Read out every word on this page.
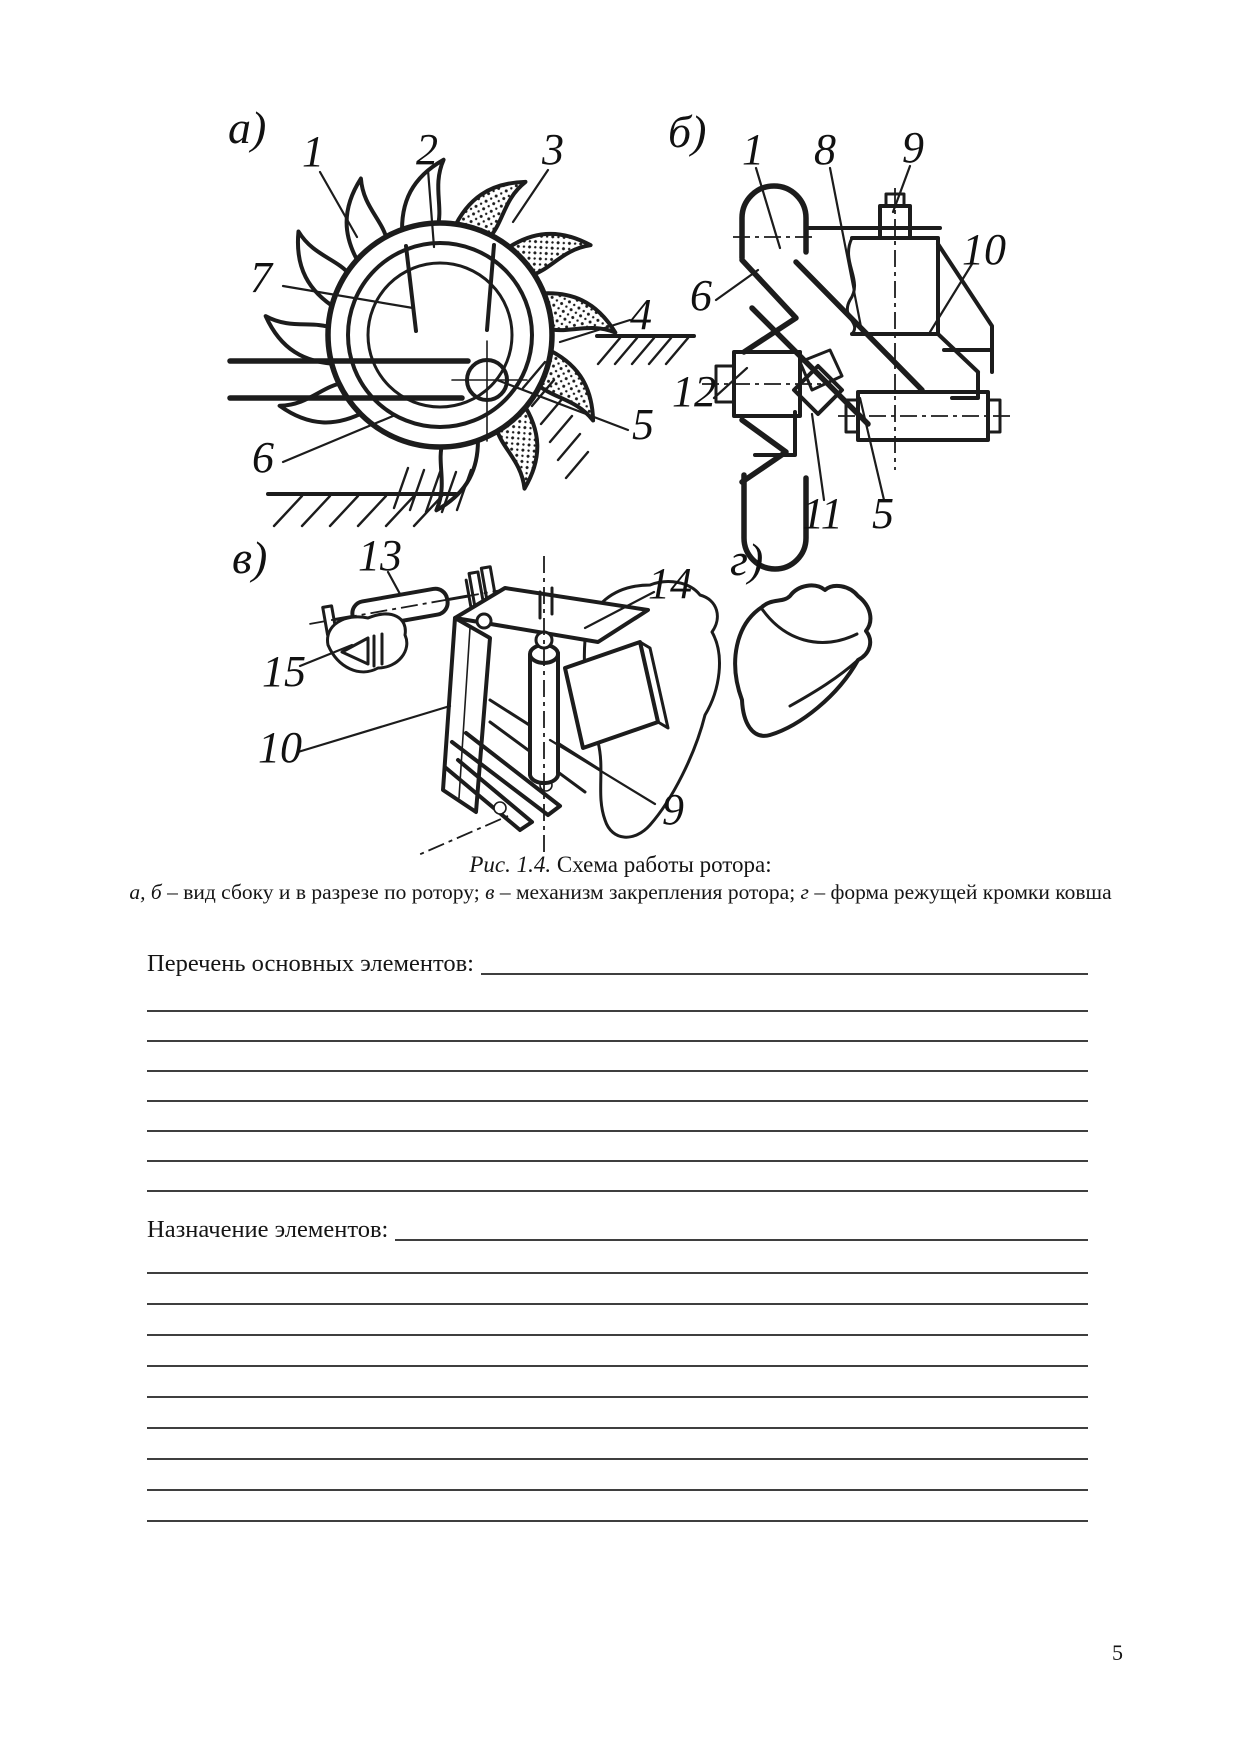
а) 1 2 3
7
4
5
6
б) 1 8 9
10
6
12
11 5
в) 13
15
10
14
9
г)
Рис. 1.4. Схема работы ротора:
а, б – вид сбоку и в разрезе по ротору; в – механизм закрепления ротора; г – форма режущей кромки ковша
Перечень основных элементов:
Назначение элементов:
5
